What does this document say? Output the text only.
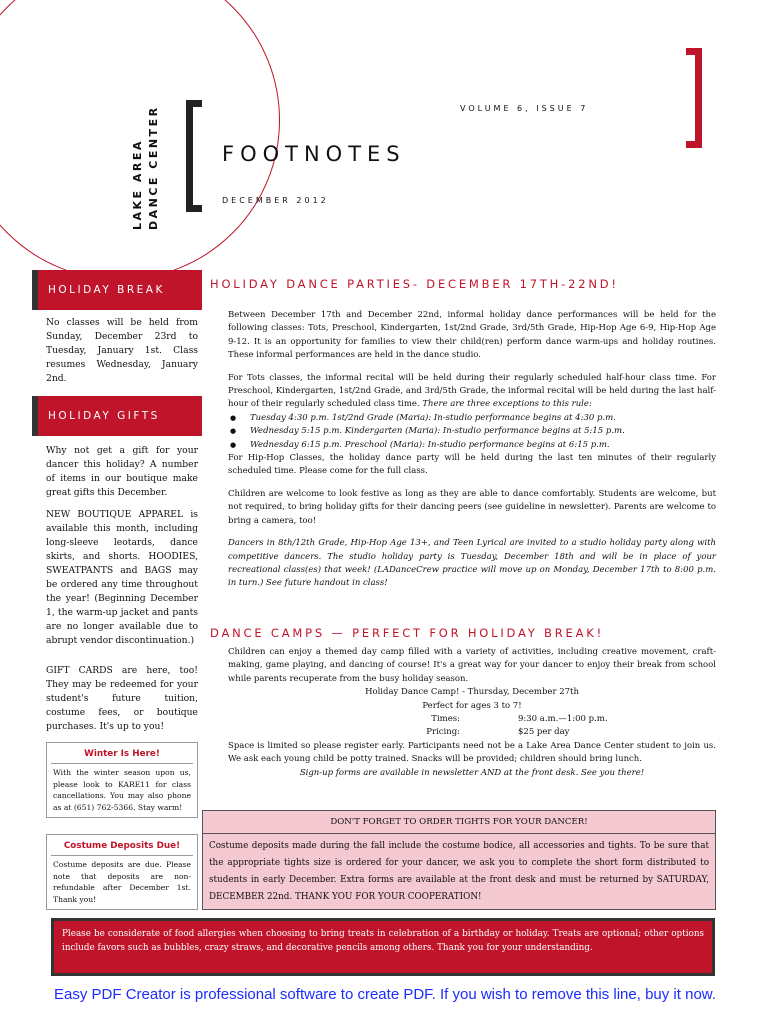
LAKE AREA DANCE CENTER	VOLUME 6, ISSUE 7
FOOTNOTES
DECEMBER 2012
HOLIDAY BREAK
No classes will be held from Sunday, December 23rd to Tuesday, January 1st. Class resumes Wednesday, January 2nd.
HOLIDAY GIFTS
Why not get a gift for your dancer this holiday? A number of items in our boutique make great gifts this December.
NEW BOUTIQUE APPAREL is available this month, including long-sleeve leotards, dance skirts, and shorts. HOODIES, SWEATPANTS and BAGS may be ordered any time throughout the year! (Beginning December 1, the warm-up jacket and pants are no longer available due to abrupt vendor discontinuation.)
GIFT CARDS are here, too! They may be redeemed for your student's future tuition, costume fees, or boutique purchases. It's up to you!
Winter Is Here!
With the winter season upon us, please look to KARE11 for class cancellations. You may also phone as at (651) 762-5366. Stay warm!
Costume Deposits Due!
Costume deposits are due. Please note that deposits are non-refundable after December 1st. Thank you!
HOLIDAY DANCE PARTIES- DECEMBER 17TH-22ND!

Between December 17th and December 22nd, informal holiday dance performances will be held for the following classes: Tots, Preschool, Kindergarten, 1st/2nd Grade, 3rd/5th Grade, Hip-Hop Age 6-9, Hip-Hop Age 9-12. It is an opportunity for families to view their child(ren) perform dance warm-ups and holiday routines. These informal performances are held in the dance studio.

For Tots classes, the informal recital will be held during their regularly scheduled half-hour class time. For Preschool, Kindergarten, 1st/2nd Grade, and 3rd/5th Grade, the informal recital will be held during the last half-hour of their regularly scheduled class time. There are three exceptions to this rule:

● Tuesday 4:30 p.m. 1st/2nd Grade (Maria): In-studio performance begins at 4:30 p.m.
● Wednesday 5:15 p.m. Kindergarten (Maria): In-studio performance begins at 5:15 p.m.
● Wednesday 6:15 p.m. Preschool (Maria): In-studio performance begins at 6:15 p.m.

For Hip-Hop Classes, the holiday dance party will be held during the last ten minutes of their regularly scheduled time. Please come for the full class.

Children are welcome to look festive as long as they are able to dance comfortably. Students are welcome, but not required, to bring holiday gifts for their dancing peers (see guideline in newsletter). Parents are welcome to bring a camera, too!

Dancers in 8th/12th Grade, Hip-Hop Age 13+, and Teen Lyrical are invited to a studio holiday party along with competitive dancers. The studio holiday party is Tuesday, December 18th and will be in place of your recreational class(es) that week! (LADanceCrew practice will move up on Monday, December 17th to 8:00 p.m. in turn.) See future handout in class!

DANCE CAMPS — PERFECT FOR HOLIDAY BREAK!

Children can enjoy a themed day camp filled with a variety of activities, including creative movement, craft-making, game playing, and dancing of course! It's a great way for your dancer to enjoy their break from school while parents recuperate from the busy holiday season.

Holiday Dance Camp! - Thursday, December 27th
Perfect for ages 3 to 7!
Times:	9:30 a.m.—1:00 p.m.
Pricing:	$25 per day

Space is limited so please register early. Participants need not be a Lake Area Dance Center student to join us. We ask each young child be potty trained. Snacks will be provided; children should bring lunch.

Sign-up forms are available in newsletter AND at the front desk. See you there!
DON'T FORGET TO ORDER TIGHTS FOR YOUR DANCER!
Costume deposits made during the fall include the costume bodice, all accessories and tights. To be sure that the appropriate tights size is ordered for your dancer, we ask you to complete the short form distributed to students in early December. Extra forms are available at the front desk and must be returned by SATURDAY, DECEMBER 22nd. THANK YOU FOR YOUR COOPERATION!
Please be considerate of food allergies when choosing to bring treats in celebration of a birthday or holiday. Treats are optional; other options include favors such as bubbles, crazy straws, and decorative pencils among others. Thank you for your understanding.
Easy PDF Creator is professional software to create PDF. If you wish to remove this line, buy it now.
